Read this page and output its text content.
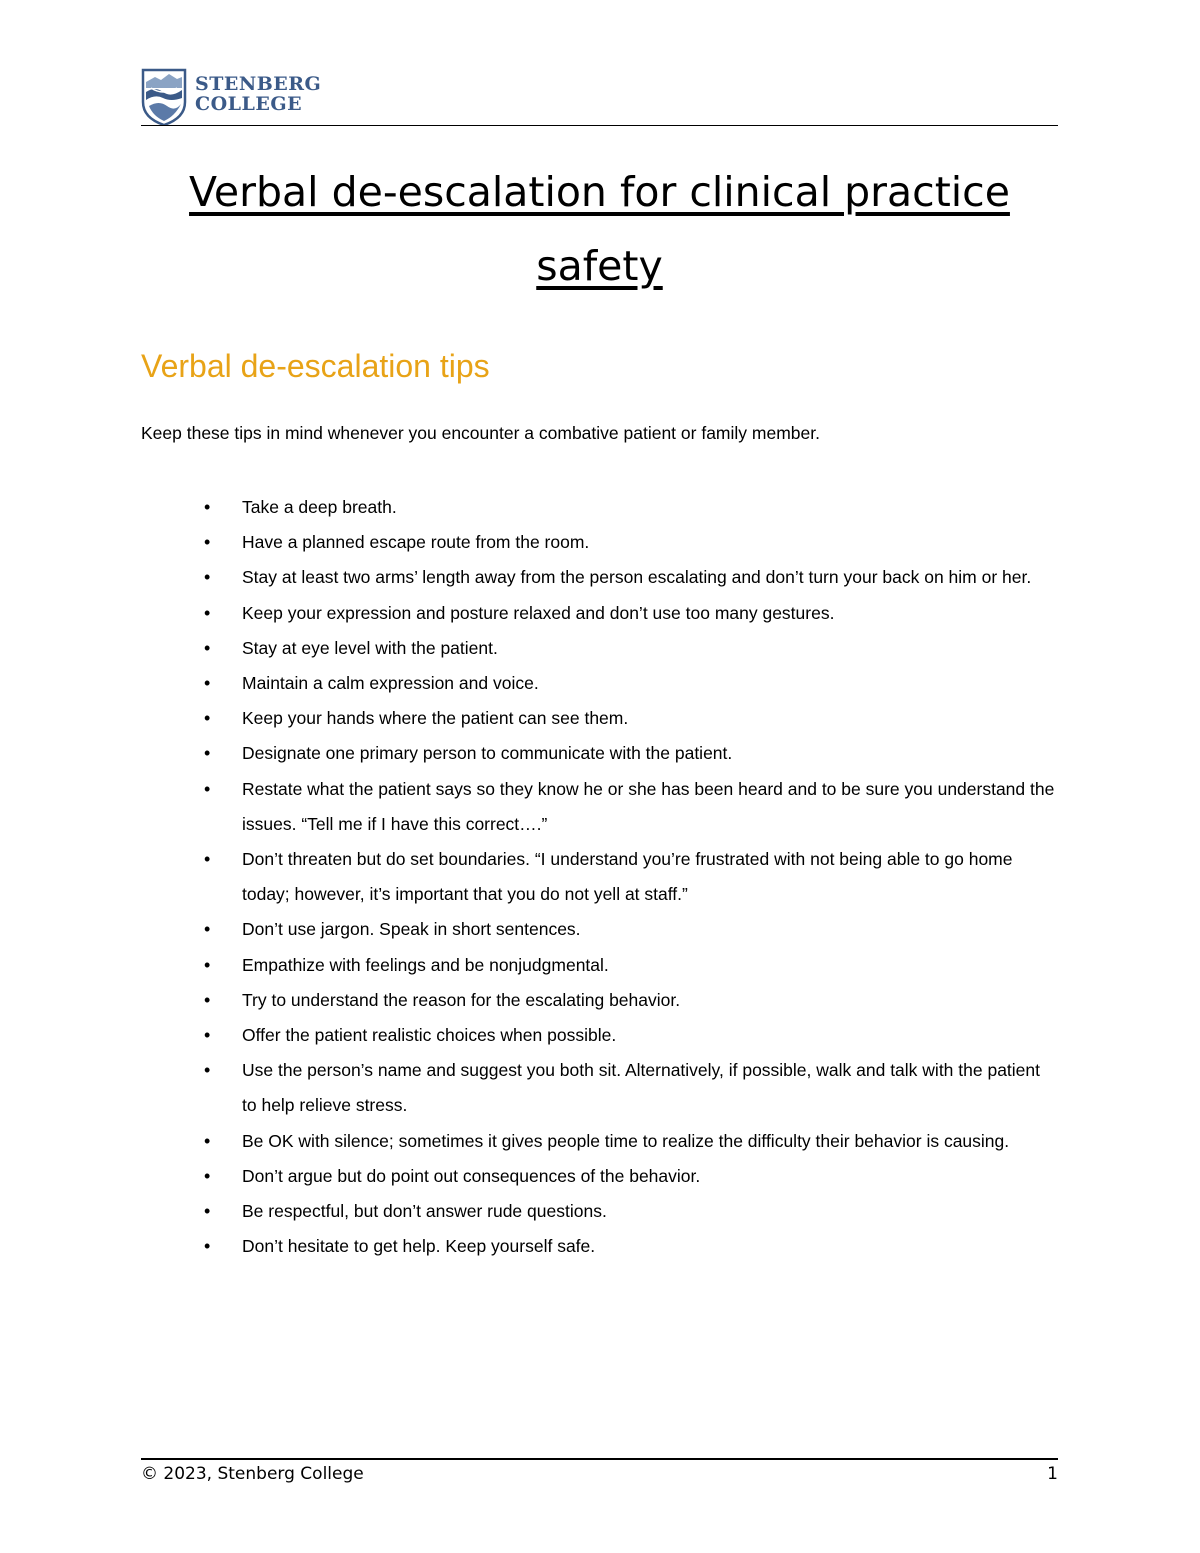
STENBERG
COLLEGE
Verbal de-escalation for clinical practice safety
Verbal de-escalation tips
Keep these tips in mind whenever you encounter a combative patient or family member.
• Take a deep breath.
• Have a planned escape route from the room.
• Stay at least two arms’ length away from the person escalating and don’t turn your back on him or her.
• Keep your expression and posture relaxed and don’t use too many gestures.
• Stay at eye level with the patient.
• Maintain a calm expression and voice.
• Keep your hands where the patient can see them.
• Designate one primary person to communicate with the patient.
• Restate what the patient says so they know he or she has been heard and to be sure you understand the issues. “Tell me if I have this correct….”
• Don’t threaten but do set boundaries. “I understand you’re frustrated with not being able to go home today; however, it’s important that you do not yell at staff.”
• Don’t use jargon. Speak in short sentences.
• Empathize with feelings and be nonjudgmental.
• Try to understand the reason for the escalating behavior.
• Offer the patient realistic choices when possible.
• Use the person’s name and suggest you both sit. Alternatively, if possible, walk and talk with the patient to help relieve stress.
• Be OK with silence; sometimes it gives people time to realize the difficulty their behavior is causing.
• Don’t argue but do point out consequences of the behavior.
• Be respectful, but don’t answer rude questions.
• Don’t hesitate to get help. Keep yourself safe.
© 2023, Stenberg College	1
